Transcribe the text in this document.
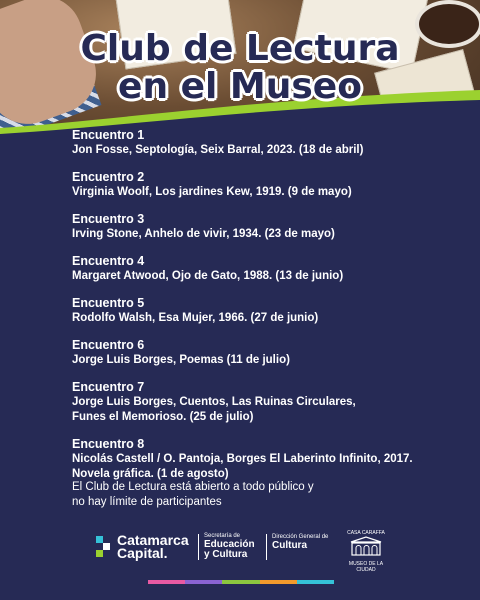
Club de Lectura
en el Museo
Encuentro 1
Jon Fosse, Septología, Seix Barral, 2023. (18 de abril)
Encuentro 2
Virginia Woolf, Los jardines Kew, 1919. (9 de mayo)
Encuentro 3
Irving Stone, Anhelo de vivir, 1934. (23 de mayo)
Encuentro 4
Margaret Atwood, Ojo de Gato, 1988. (13 de junio)
Encuentro 5
Rodolfo Walsh, Esa Mujer, 1966. (27 de junio)
Encuentro 6
Jorge Luis Borges, Poemas (11 de julio)
Encuentro 7
Jorge Luis Borges, Cuentos, Las Ruinas Circulares,
Funes el Memorioso. (25 de julio)
Encuentro 8
Nicolás Castell / O. Pantoja, Borges El Laberinto Infinito, 2017.
Novela gráfica. (1 de agosto)
El Club de Lectura está abierto a todo público y
no hay límite de participantes
Catamarca
Capital.
Secretaría de
Educación
y Cultura
Dirección General de
Cultura
CASA CARAFFA
MUSEO DE LA CIUDAD
